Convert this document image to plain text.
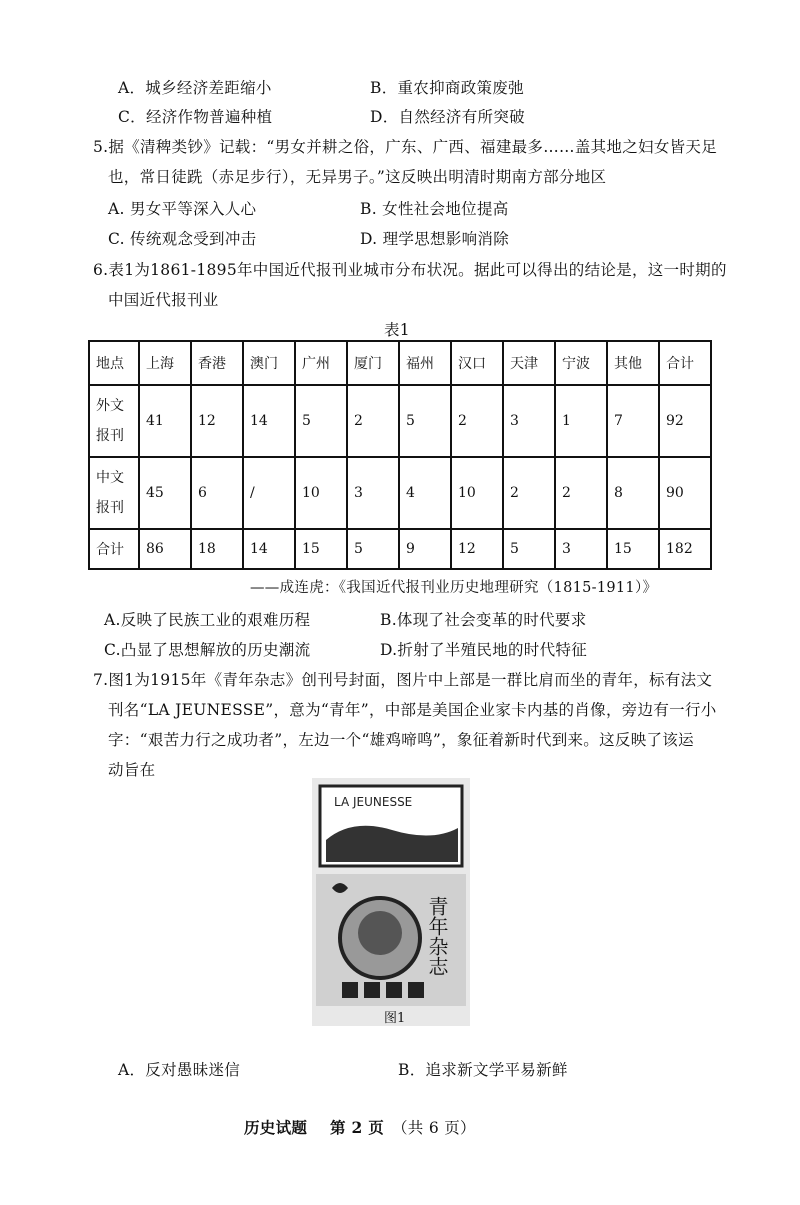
A．城乡经济差距缩小	B．重农抑商政策废弛
C．经济作物普遍种植	D．自然经济有所突破
5.据《清稗类钞》记载：“男女并耕之俗，广东、广西、福建最多……盖其地之妇女皆天足
也，常日徒跣（赤足步行），无异男子。”这反映出明清时期南方部分地区
A. 男女平等深入人心	B. 女性社会地位提高
C. 传统观念受到冲击	D. 理学思想影响消除
6.表1为1861-1895年中国近代报刊业城市分布状况。据此可以得出的结论是，这一时期的
中国近代报刊业
表1
地点	上海	香港	澳门	广州	厦门	福州	汉口	天津	宁波	其他	合计
外文
报刊	41	12	14	5	2	5	2	3	1	7	92
中文
报刊	45	6	/	10	3	4	10	2	2	8	90
合计	86	18	14	15	5	9	12	5	3	15	182
——成连虎：《我国近代报刊业历史地理研究（1815-1911）》
A.反映了民族工业的艰难历程	B.体现了社会变革的时代要求
C.凸显了思想解放的历史潮流	D.折射了半殖民地的时代特征
7.图1为1915年《青年杂志》创刊号封面，图片中上部是一群比肩而坐的青年，标有法文
刊名“LA JEUNESSE”，意为“青年”，中部是美国企业家卡内基的肖像，旁边有一行小
字：“艰苦力行之成功者”，左边一个“雄鸡啼鸣”，象征着新时代到来。这反映了该运
动旨在
LA JEUNESSE
青年杂志
图1
A．反对愚昧迷信	B．追求新文学平易新鲜
历史试题 第 2 页 （共 6 页）
